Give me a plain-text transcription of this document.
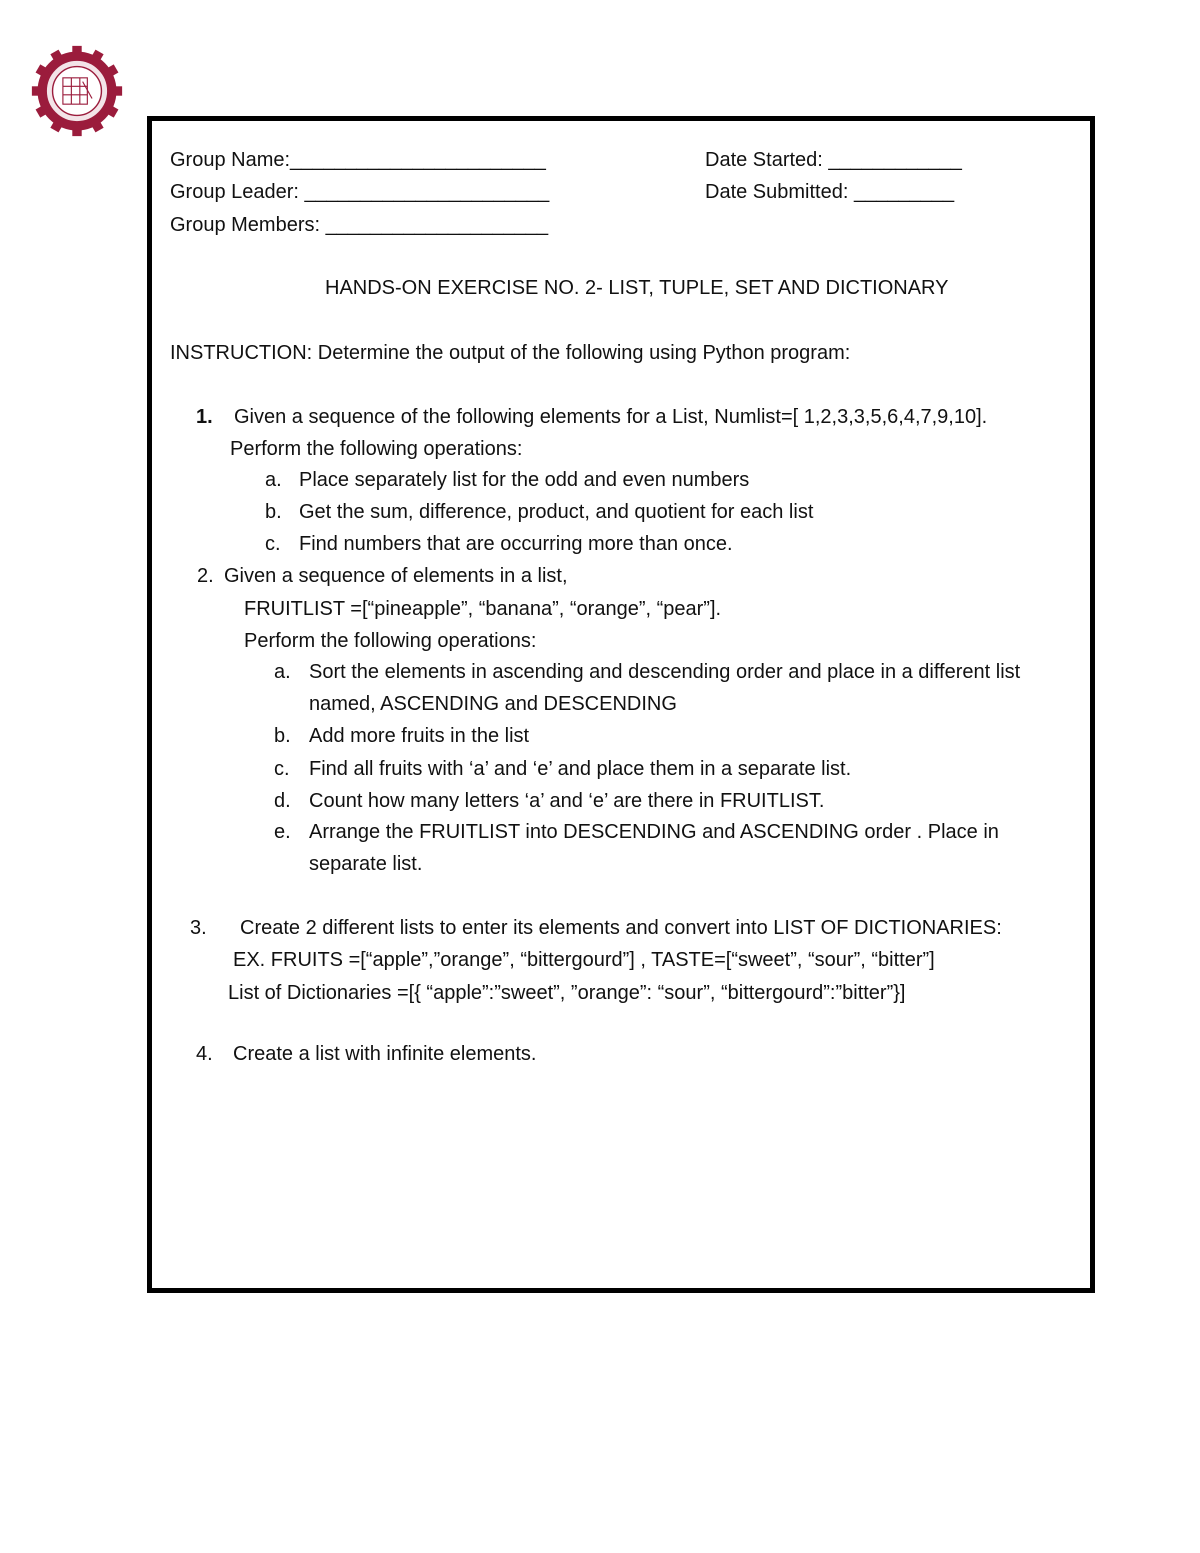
Group Name:_______________________
Group Leader: ______________________
Group Members: ____________________
Date Started: ____________
Date Submitted: _________
HANDS-ON EXERCISE NO. 2- LIST, TUPLE, SET AND DICTIONARY
INSTRUCTION: Determine the output of the following using Python program:
1. Given a sequence of the following elements for a List, Numlist=[ 1,2,3,3,5,6,4,7,9,10].
Perform the following operations:
a. Place separately list for the odd and even numbers
b. Get the sum, difference, product, and quotient for each list
c. Find numbers that are occurring more than once.
2. Given a sequence of elements in a list,
FRUITLIST =[“pineapple”, “banana”, “orange”, “pear”].
Perform the following operations:
a. Sort the elements in ascending and descending order and place in a different list
named, ASCENDING and DESCENDING
b. Add more fruits in the list
c. Find all fruits with ‘a’ and ‘e’ and place them in a separate list.
d. Count how many letters ‘a’ and ‘e’ are there in FRUITLIST.
e. Arrange the FRUITLIST into DESCENDING and ASCENDING order . Place in
separate list.
3. Create 2 different lists to enter its elements and convert into LIST OF DICTIONARIES:
EX. FRUITS =[“apple”,”orange”, “bittergourd”] , TASTE=[“sweet”, “sour”, “bitter”]
List of Dictionaries =[{ “apple”:”sweet”, ”orange”: “sour”, “bittergourd”:”bitter”}]
4. Create a list with infinite elements.
